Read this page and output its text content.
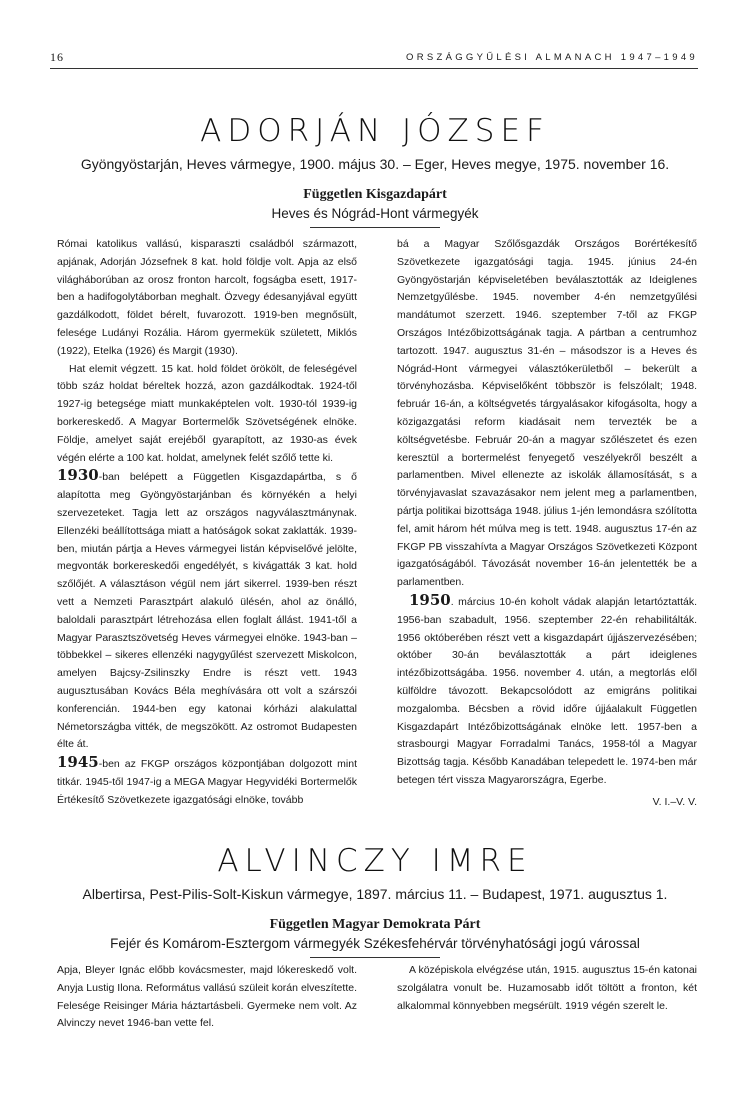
16	ORSZÁGGYŰLÉSI ALMANACH 1947–1949
ADORJÁN JÓZSEF
Gyöngyöstarján, Heves vármegye, 1900. május 30. – Eger, Heves megye, 1975. november 16.
Független Kisgazdapárt
Heves és Nógrád-Hont vármegyék

Római katolikus vallású, kisparaszti családból származott, apjának, Adorján Józsefnek 8 kat. hold földje volt. Apja az első világháborúban az orosz fronton harcolt, fogságba esett, 1917-ben a hadifogolytáborban meghalt. Özvegy édesanyjával együtt gazdálkodott, földet bérelt, fuvarozott. 1919-ben megnősült, felesége Ludányi Rozália. Három gyermekük született, Miklós (1922), Etelka (1926) és Margit (1930).

Hat elemit végzett. 15 kat. hold földet örökölt, de feleségével több száz holdat béreltek hozzá, azon gazdálkodtak. 1924-től 1927-ig betegsége miatt munkaképtelen volt. 1930-tól 1939-ig borkereskedő. A Magyar Bortermelők Szövetségének elnöke. Földje, amelyet saját erejéből gyarapított, az 1930-as évek végén elérte a 100 kat. holdat, amelynek felét szőlő tette ki.

1930-ban belépett a Független Kisgazdapártba, s ő alapította meg Gyöngyöstarjánban és környékén a helyi szervezeteket. Tagja lett az országos nagyválasztmánynak. Ellenzéki beállítottsága miatt a hatóságok sokat zaklatták. 1939-ben, miután pártja a Heves vármegyei listán képviselővé jelölte, megvonták borkereskedői engedélyét, s kivágatták 3 kat. hold szőlőjét. A választáson végül nem járt sikerrel. 1939-ben részt vett a Nemzeti Parasztpárt alakuló ülésén, ahol az önálló, baloldali parasztpárt létrehozása ellen foglalt állást. 1941-től a Magyar Parasztszövetség Heves vármegyei elnöke. 1943-ban – többekkel – sikeres ellenzéki nagygyűlést szervezett Miskolcon, amelyen Bajcsy-Zsilinszky Endre is részt vett. 1943 augusztusában Kovács Béla meghívására ott volt a szárszói konferencián. 1944-ben egy katonai kórházi alakulattal Németországba vitték, de megszökött. Az ostromot Budapesten élte át.

1945-ben az FKGP országos központjában dolgozott mint titkár. 1945-től 1947-ig a MEGA Magyar Hegyvidéki Bortermelők Értékesítő Szövetkezete igazgatósági elnöke, tovább

bá a Magyar Szőlősgazdák Országos Borértékesítő Szövetkezete igazgatósági tagja. 1945. június 24-én Gyöngyöstarján képviseletében beválasztották az Ideiglenes Nemzetgyűlésbe. 1945. november 4-én nemzetgyűlési mandátumot szerzett. 1946. szeptember 7-től az FKGP Országos Intézőbizottságának tagja. A pártban a centrumhoz tartozott. 1947. augusztus 31-én – másodszor is a Heves és Nógrád-Hont vármegyei választókerületből – bekerült a törvényhozásba. Képviselőként többször is felszólalt; 1948. február 16-án, a költségvetés tárgyalásakor kifogásolta, hogy a közigazgatási reform kiadásait nem tervezték be a költségvetésbe. Február 20-án a magyar szőlészetet és ezen keresztül a bortermelést fenyegető veszélyekről beszélt a parlamentben. Mivel ellenezte az iskolák államosítását, s a törvényjavaslat szavazásakor nem jelent meg a parlamentben, pártja politikai bizottsága 1948. július 1-jén lemondásra szólította fel, amit három hét múlva meg is tett. 1948. augusztus 17-én az FKGP PB visszahívta a Magyar Országos Szövetkezeti Központ igazgatóságából. Távozását november 16-án jelentették be a parlamentben.

1950. március 10-én koholt vádak alapján letartóztatták. 1956-ban szabadult, 1956. szeptember 22-én rehabilitálták. 1956 októberében részt vett a kisgazdapárt újjászervezésében; október 30-án beválasztották a párt ideiglenes intézőbizottságába. 1956. november 4. után, a megtorlás elől külföldre távozott. Bekapcsolódott az emigráns politikai mozgalomba. Bécsben a rövid időre újjáalakult Független Kisgazdapárt Intézőbizottságának elnöke lett. 1957-ben a strasbourgi Magyar Forradalmi Tanács, 1958-tól a Magyar Bizottság tagja. Később Kanadában telepedett le. 1974-ben már betegen tért vissza Magyarországra, Egerbe.

V. I.–V. V.
ALVINCZY IMRE
Albertirsa, Pest-Pilis-Solt-Kiskun vármegye, 1897. március 11. – Budapest, 1971. augusztus 1.
Független Magyar Demokrata Párt
Fejér és Komárom-Esztergom vármegyék Székesfehérvár törvényhatósági jogú várossal

Apja, Bleyer Ignác előbb kovácsmester, majd lókereskedő volt. Anyja Lustig Ilona. Református vallású szüleit korán elveszítette. Felesége Reisinger Mária háztartásbeli. Gyermeke nem volt. Az Alvinczy nevet 1946-ban vette fel.

A középiskola elvégzése után, 1915. augusztus 15-én katonai szolgálatra vonult be. Huzamosabb időt töltött a fronton, két alkalommal könnyebben megsérült. 1919 végén szerelt le.
